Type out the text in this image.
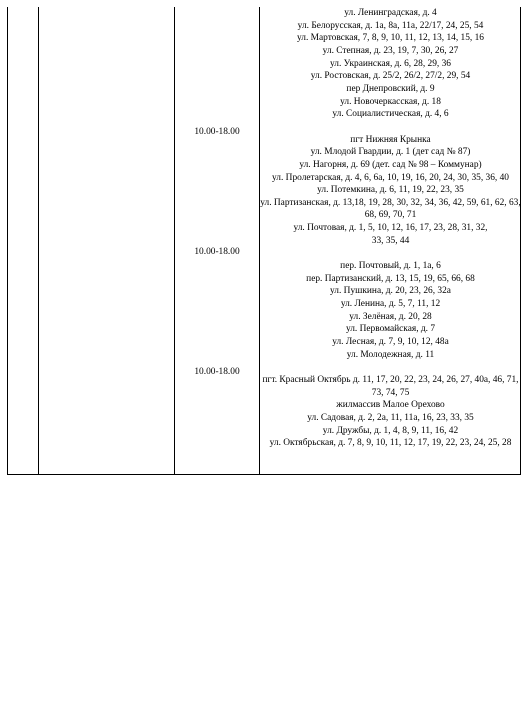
10.00-18.00
10.00-18.00
10.00-18.00
ул. Ленинградская, д. 4
ул. Белорусская, д. 1а, 8а, 11а, 22/17, 24, 25, 54
ул. Мартовская, 7, 8, 9, 10, 11, 12, 13, 14, 15, 16
ул. Степная, д. 23, 19, 7, 30, 26, 27
ул. Украинская, д. 6, 28, 29, 36
ул. Ростовская, д. 25/2, 26/2, 27/2, 29, 54
пер Днепровский, д. 9
ул. Новочеркасская, д. 18
ул. Социалистическая, д. 4, 6
пгт Нижняя Крынка
ул. Млодой Гвардии, д. 1 (дет сад № 87)
ул. Нагорня, д. 69 (дет. сад № 98 – Коммунар)
ул. Пролетарская, д. 4, 6, 6а, 10, 19, 16, 20, 24, 30, 35, 36, 40
ул. Потемкина, д. 6, 11, 19, 22, 23, 35
ул. Партизанская, д. 13,18, 19, 28, 30, 32, 34, 36, 42, 59, 61, 62, 63, 68, 69, 70, 71
ул. Почтовая, д. 1, 5, 10, 12, 16, 17, 23, 28, 31, 32, 33, 35, 44
пер. Почтовый, д. 1, 1а, 6
пер. Партизанский, д. 13, 15, 19, 65, 66, 68
ул. Пушкина, д. 20, 23, 26, 32а
ул. Ленина, д. 5, 7, 11, 12
ул. Зелёная, д. 20, 28
ул. Первомайская, д. 7
ул. Лесная, д. 7, 9, 10, 12, 48а
ул. Молодежная, д. 11
пгт. Красный Октябрь д. 11, 17, 20, 22, 23, 24, 26, 27, 40а, 46, 71, 73, 74, 75
жилмассив Малое Орехово
ул. Садовая, д. 2, 2а, 11, 11а, 16, 23, 33, 35
ул. Дружбы, д. 1, 4, 8, 9, 11, 16, 42
ул. Октябрьская, д. 7, 8, 9, 10, 11, 12, 17, 19, 22, 23, 24, 25, 28
